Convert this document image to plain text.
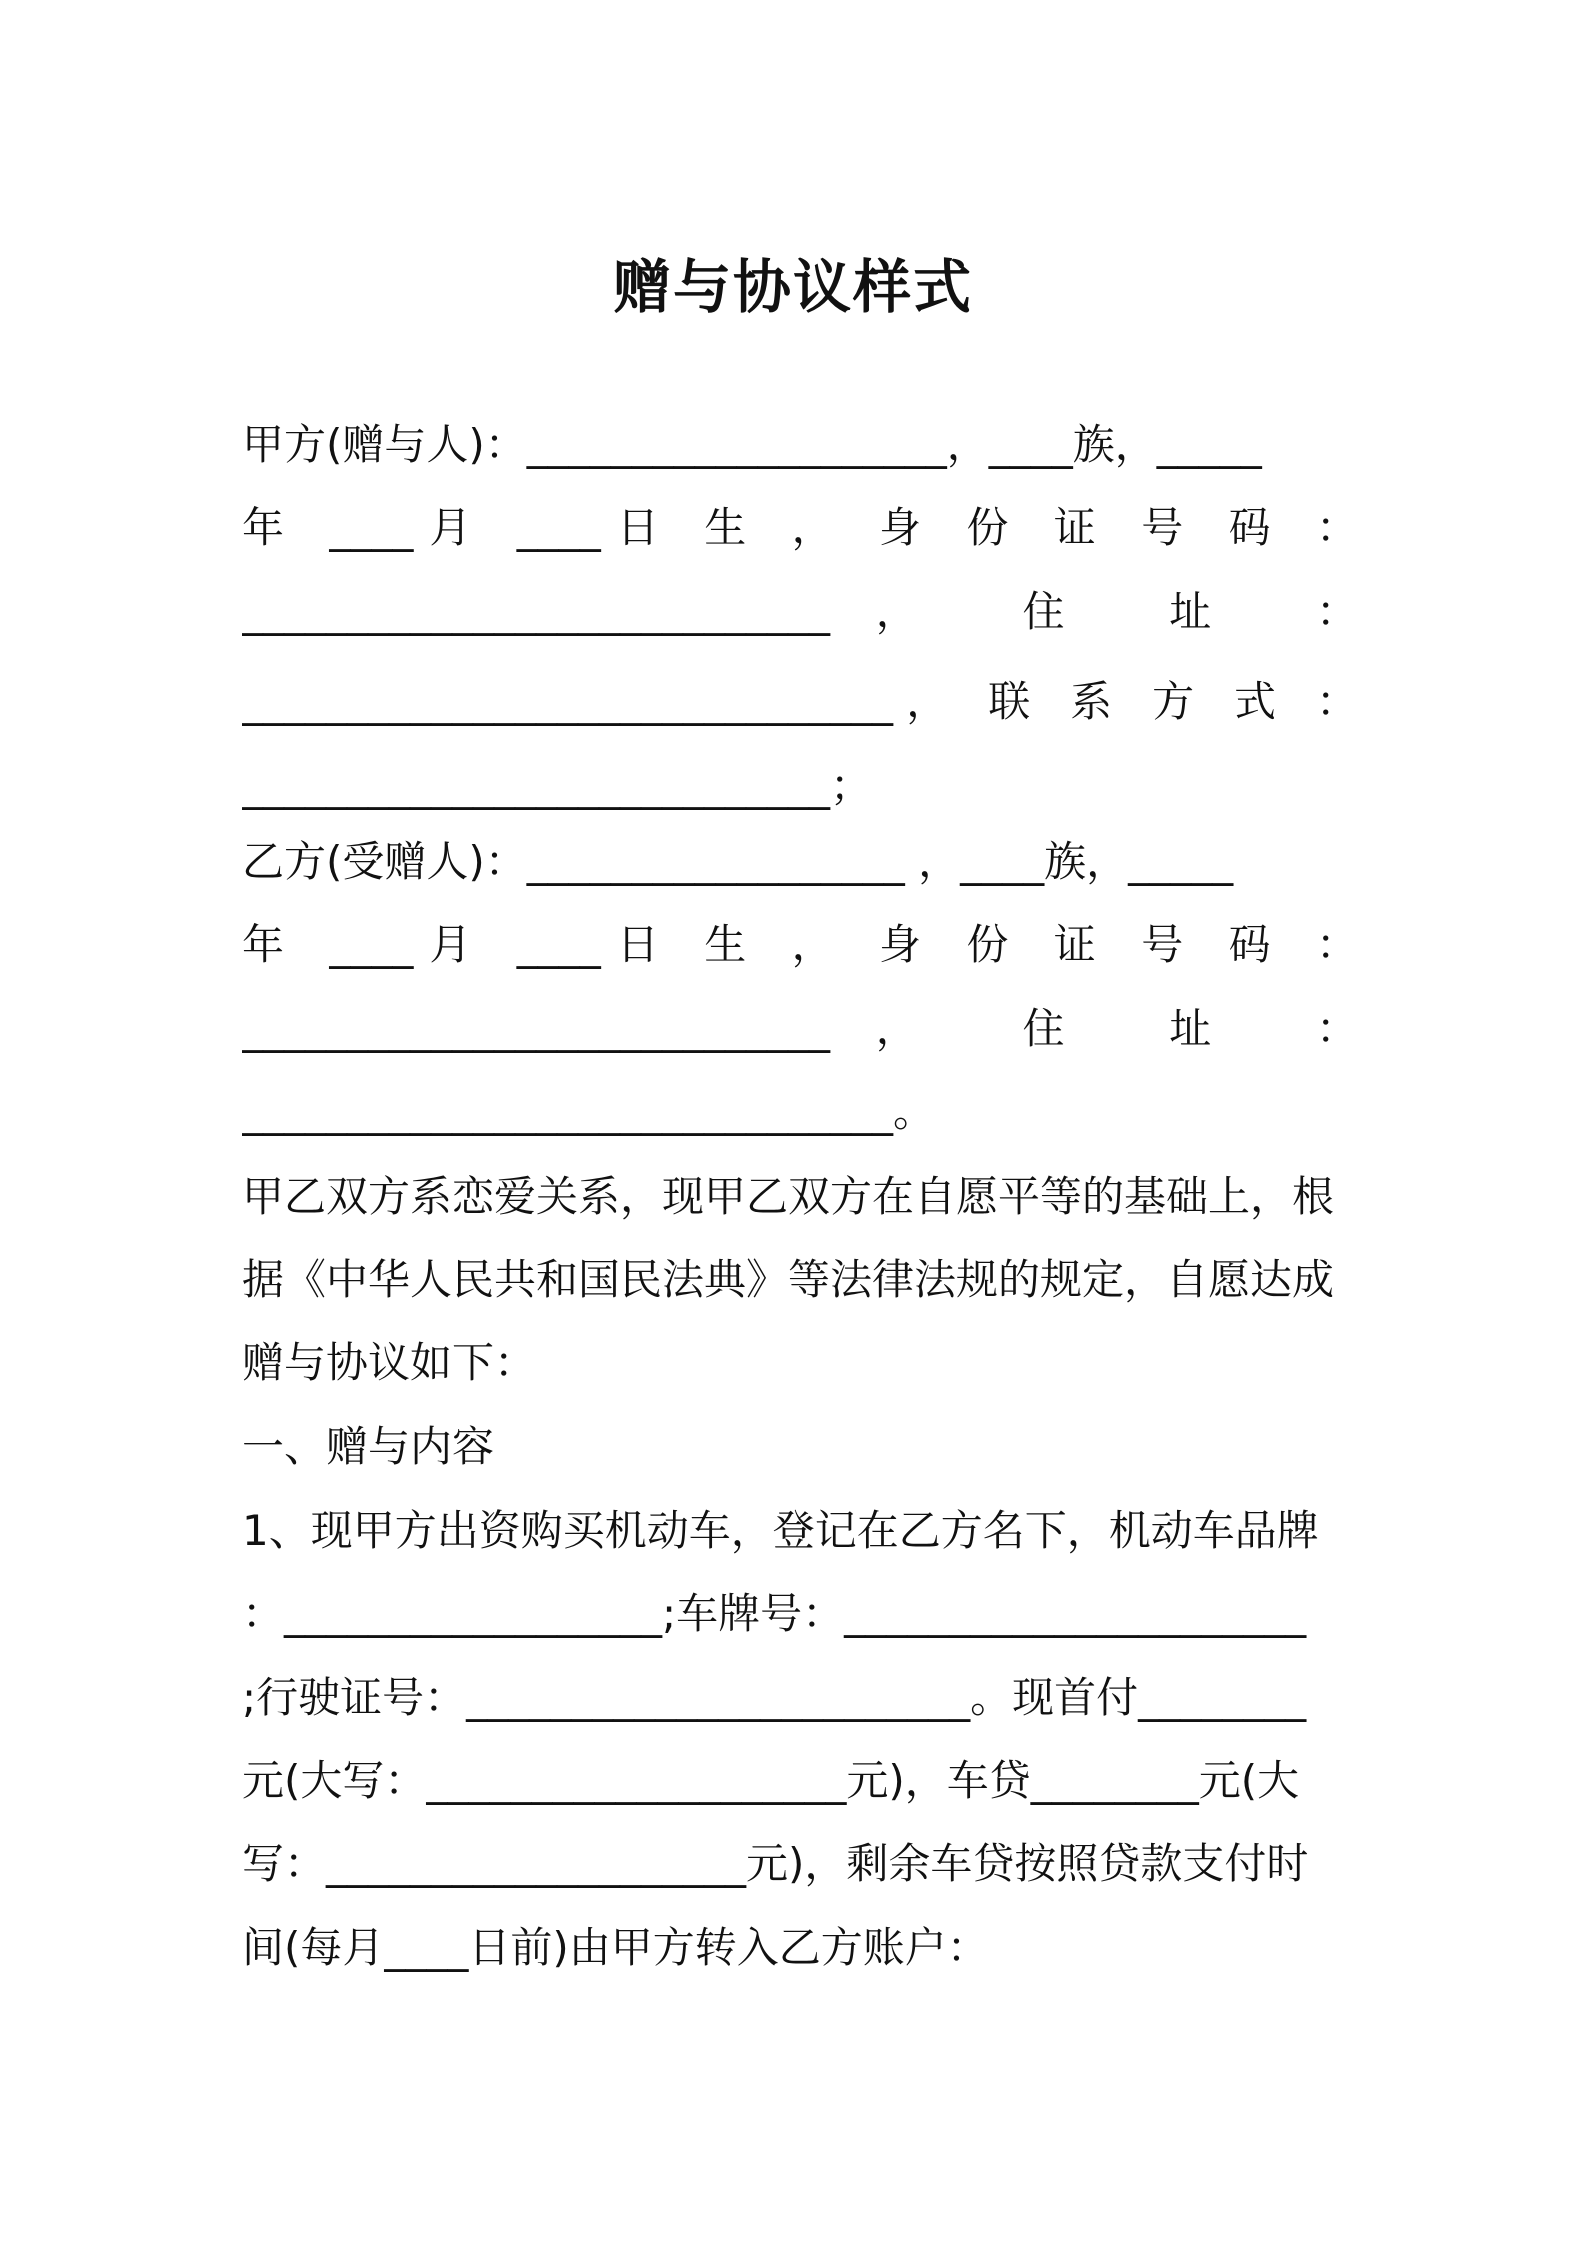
赠与协议样式
甲方(赠与人)：____________________，____族，_____
年 ____月 ____日 生 ， 身 份 证 号 码 ：
____________________________， 住 址 ：
_______________________________， 联 系 方 式 ：
____________________________；
乙方(受赠人)：__________________ ，____族，_____
年 ____月 ____日 生 ， 身 份 证 号 码 ：
____________________________， 住 址 ：
_______________________________。
甲乙双方系恋爱关系，现甲乙双方在自愿平等的基础上，根
据《中华人民共和国民法典》等法律法规的规定，自愿达成
赠与协议如下：
一、赠与内容
1、现甲方出资购买机动车，登记在乙方名下，机动车品牌
：__________________;车牌号：______________________
;行驶证号：________________________。现首付________
元(大写：____________________元)，车贷________元(大
写：____________________元)，剩余车贷按照贷款支付时
间(每月____日前)由甲方转入乙方账户：
